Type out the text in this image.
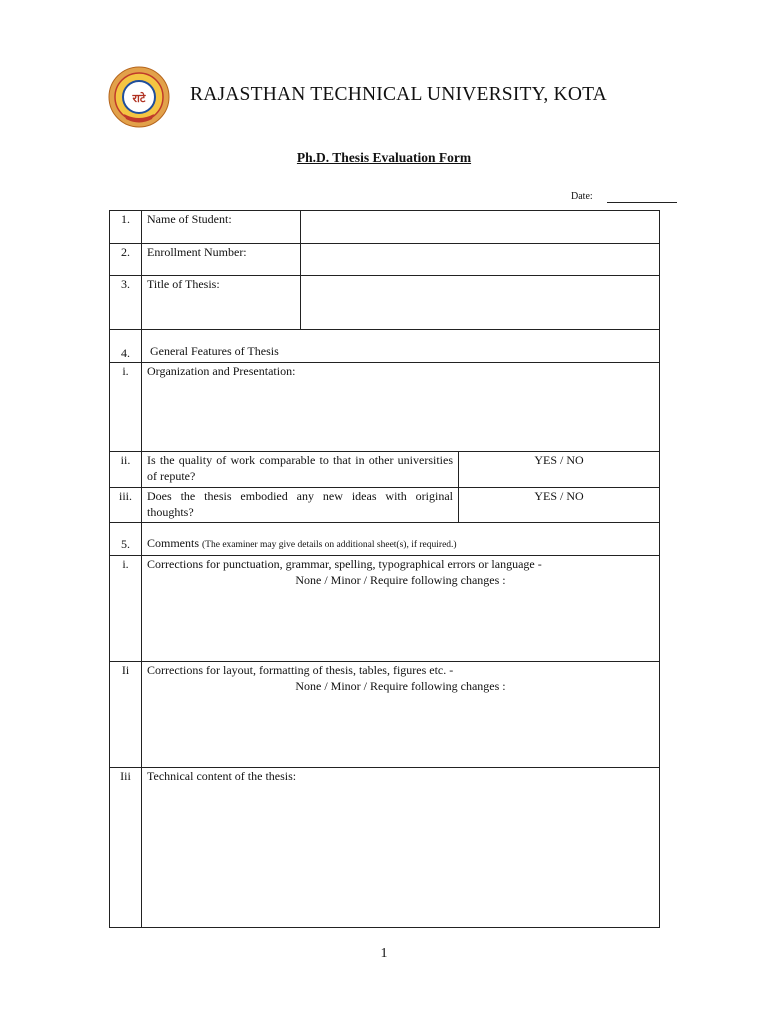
राटे RAJASTHAN TECHNICAL UNIVERSITY, KOTA
Ph.D. Thesis Evaluation Form
Date:
1.	Name of Student:		
2.	Enrollment Number:		
3.	Title of Thesis:		
4.	General Features of Thesis		
i.	Organization and Presentation:		
ii.	Is the quality of work comparable to that in other universities of repute?		YES / NO
iii.	Does the thesis embodied any new ideas with original thoughts?		YES / NO
5.	Comments (The examiner may give details on additional sheet(s), if required.)		
i.	Corrections for punctuation, grammar, spelling, typographical errors or language -
None / Minor / Require following changes :		

Ii	Corrections for layout, formatting of thesis, tables, figures etc. -
None / Minor / Require following changes :		

Iii	Technical content of the thesis:		
1
